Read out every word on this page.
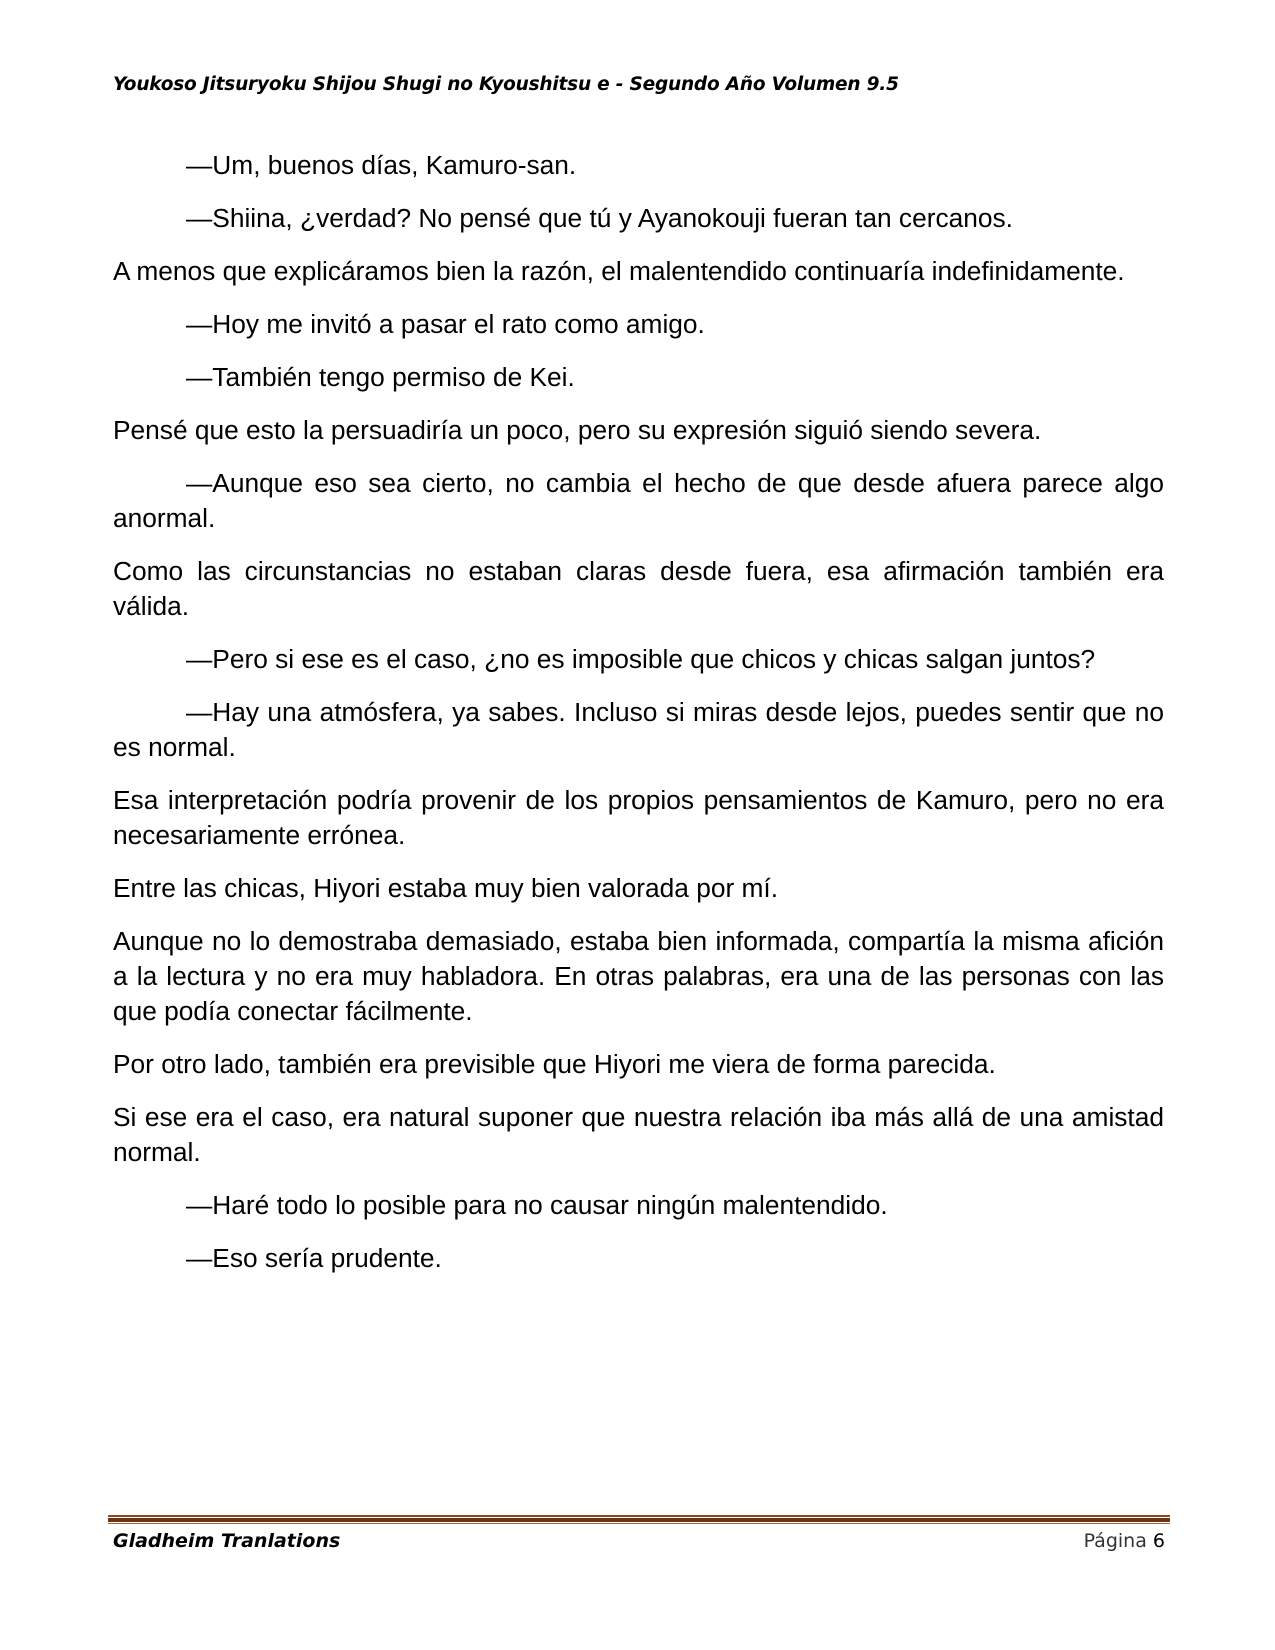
Youkoso Jitsuryoku Shijou Shugi no Kyoushitsu e - Segundo Año Volumen 9.5

—Um, buenos días, Kamuro-san.

—Shiina, ¿verdad? No pensé que tú y Ayanokouji fueran tan cercanos.

A menos que explicáramos bien la razón, el malentendido continuaría indefinidamente.

—Hoy me invitó a pasar el rato como amigo.

—También tengo permiso de Kei.

Pensé que esto la persuadiría un poco, pero su expresión siguió siendo severa.

—Aunque eso sea cierto, no cambia el hecho de que desde afuera parece algo anormal.

Como las circunstancias no estaban claras desde fuera, esa afirmación también era válida.

—Pero si ese es el caso, ¿no es imposible que chicos y chicas salgan juntos?

—Hay una atmósfera, ya sabes. Incluso si miras desde lejos, puedes sentir que no es normal.

Esa interpretación podría provenir de los propios pensamientos de Kamuro, pero no era necesariamente errónea.

Entre las chicas, Hiyori estaba muy bien valorada por mí.

Aunque no lo demostraba demasiado, estaba bien informada, compartía la misma afición a la lectura y no era muy habladora. En otras palabras, era una de las personas con las que podía conectar fácilmente.

Por otro lado, también era previsible que Hiyori me viera de forma parecida.

Si ese era el caso, era natural suponer que nuestra relación iba más allá de una amistad normal.

—Haré todo lo posible para no causar ningún malentendido.

—Eso sería prudente.

Gladheim Tranlations	Página 6
